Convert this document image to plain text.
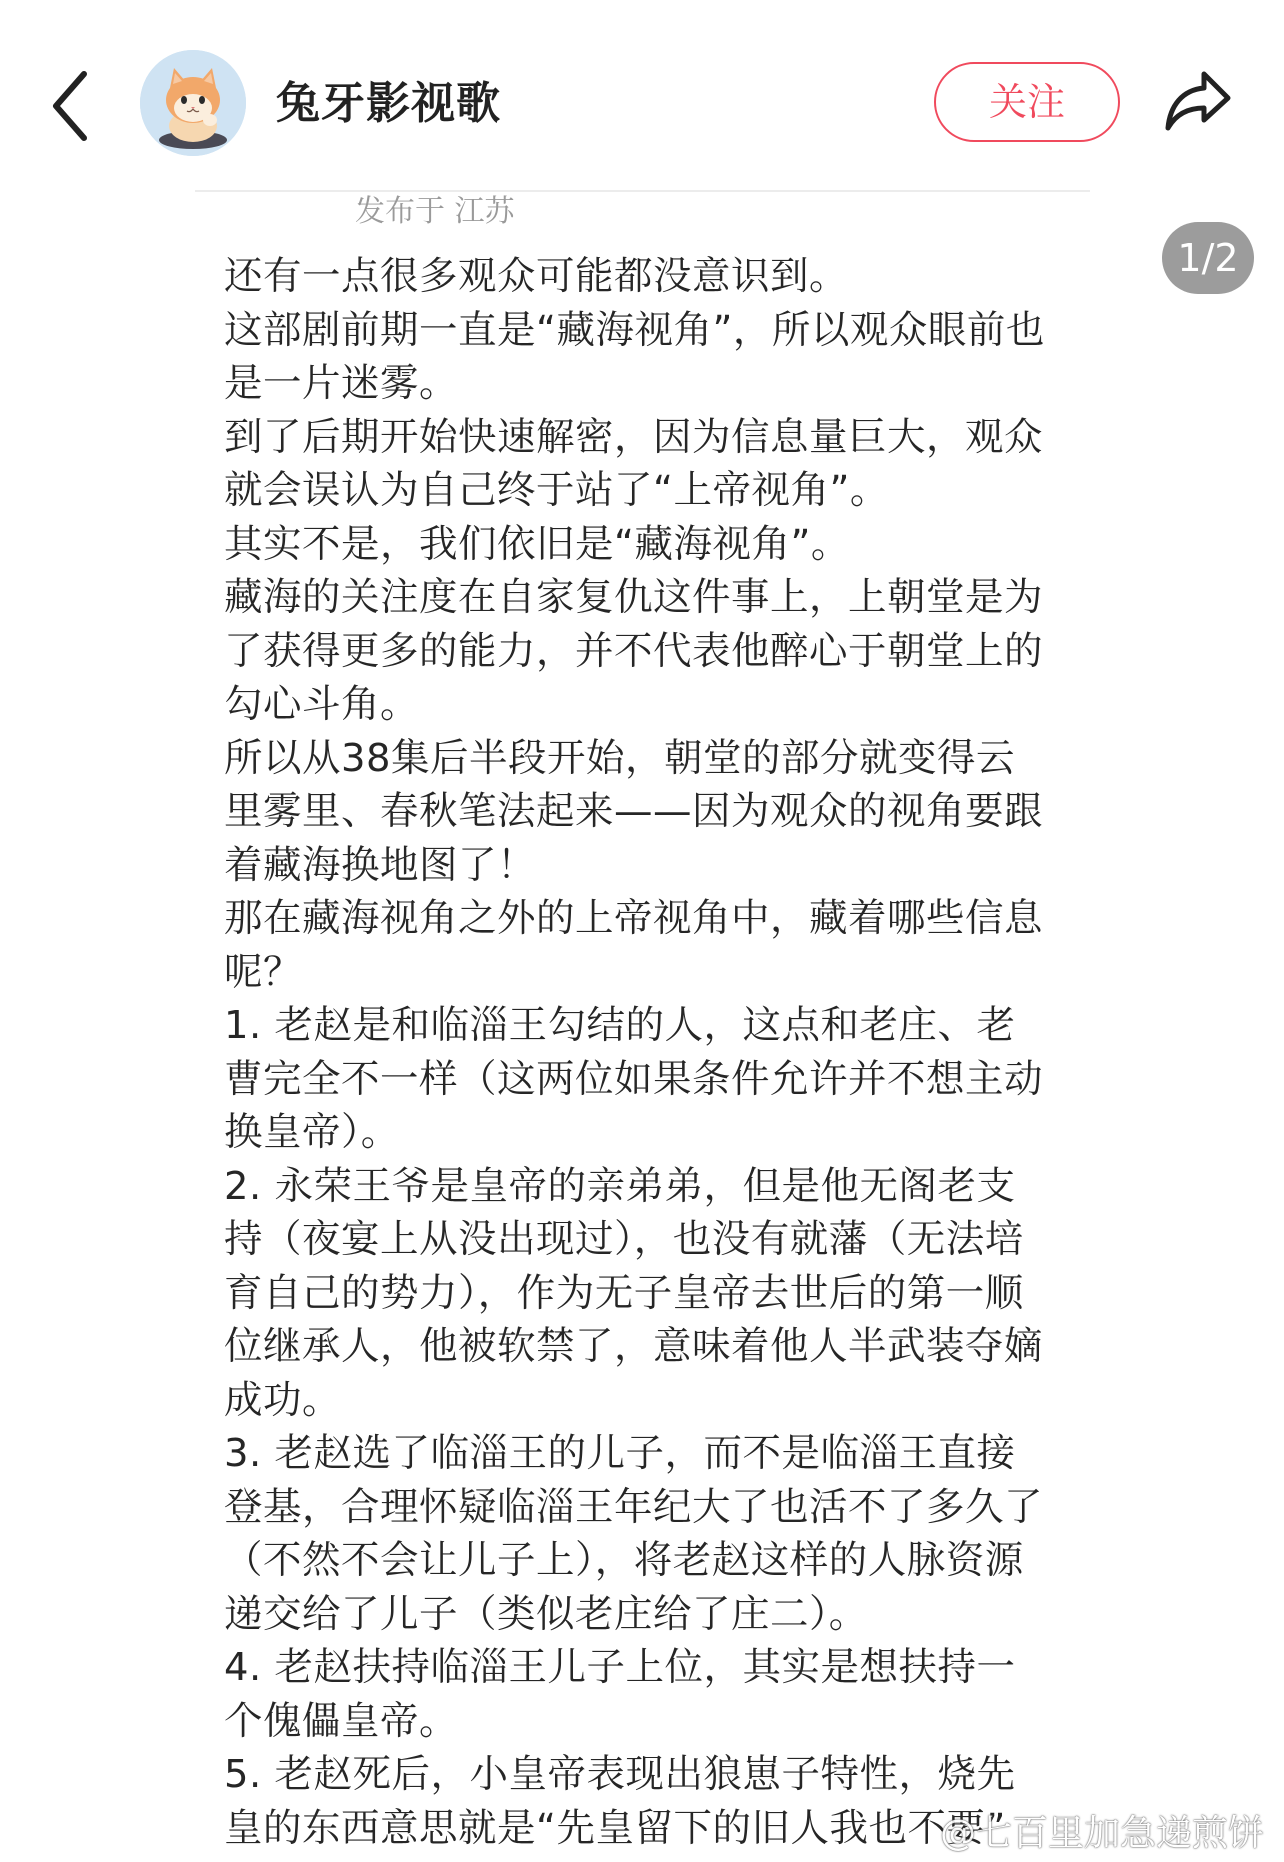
兔牙影视歌	关注
发布于 江苏
还有一点很多观众可能都没意识到。
这部剧前期一直是“藏海视角”，所以观众眼前也
是一片迷雾。
到了后期开始快速解密，因为信息量巨大，观众
就会误认为自己终于站了“上帝视角”。
其实不是，我们依旧是“藏海视角”。
藏海的关注度在自家复仇这件事上，上朝堂是为
了获得更多的能力，并不代表他醉心于朝堂上的
勾心斗角。
所以从38集后半段开始，朝堂的部分就变得云
里雾里、春秋笔法起来——因为观众的视角要跟
着藏海换地图了！
那在藏海视角之外的上帝视角中，藏着哪些信息
呢？
1. 老赵是和临淄王勾结的人，这点和老庄、老
曹完全不一样（这两位如果条件允许并不想主动
换皇帝）。
2. 永荣王爷是皇帝的亲弟弟，但是他无阁老支
持（夜宴上从没出现过），也没有就藩（无法培
育自己的势力），作为无子皇帝去世后的第一顺
位继承人，他被软禁了，意味着他人半武装夺嫡
成功。
3. 老赵选了临淄王的儿子，而不是临淄王直接
登基，合理怀疑临淄王年纪大了也活不了多久了
（不然不会让儿子上），将老赵这样的人脉资源
递交给了儿子（类似老庄给了庄二）。
4. 老赵扶持临淄王儿子上位，其实是想扶持一
个傀儡皇帝。
5. 老赵死后，小皇帝表现出狼崽子特性，烧先
皇的东西意思就是“先皇留下的旧人我也不要”
1/2
@七百里加急递煎饼
